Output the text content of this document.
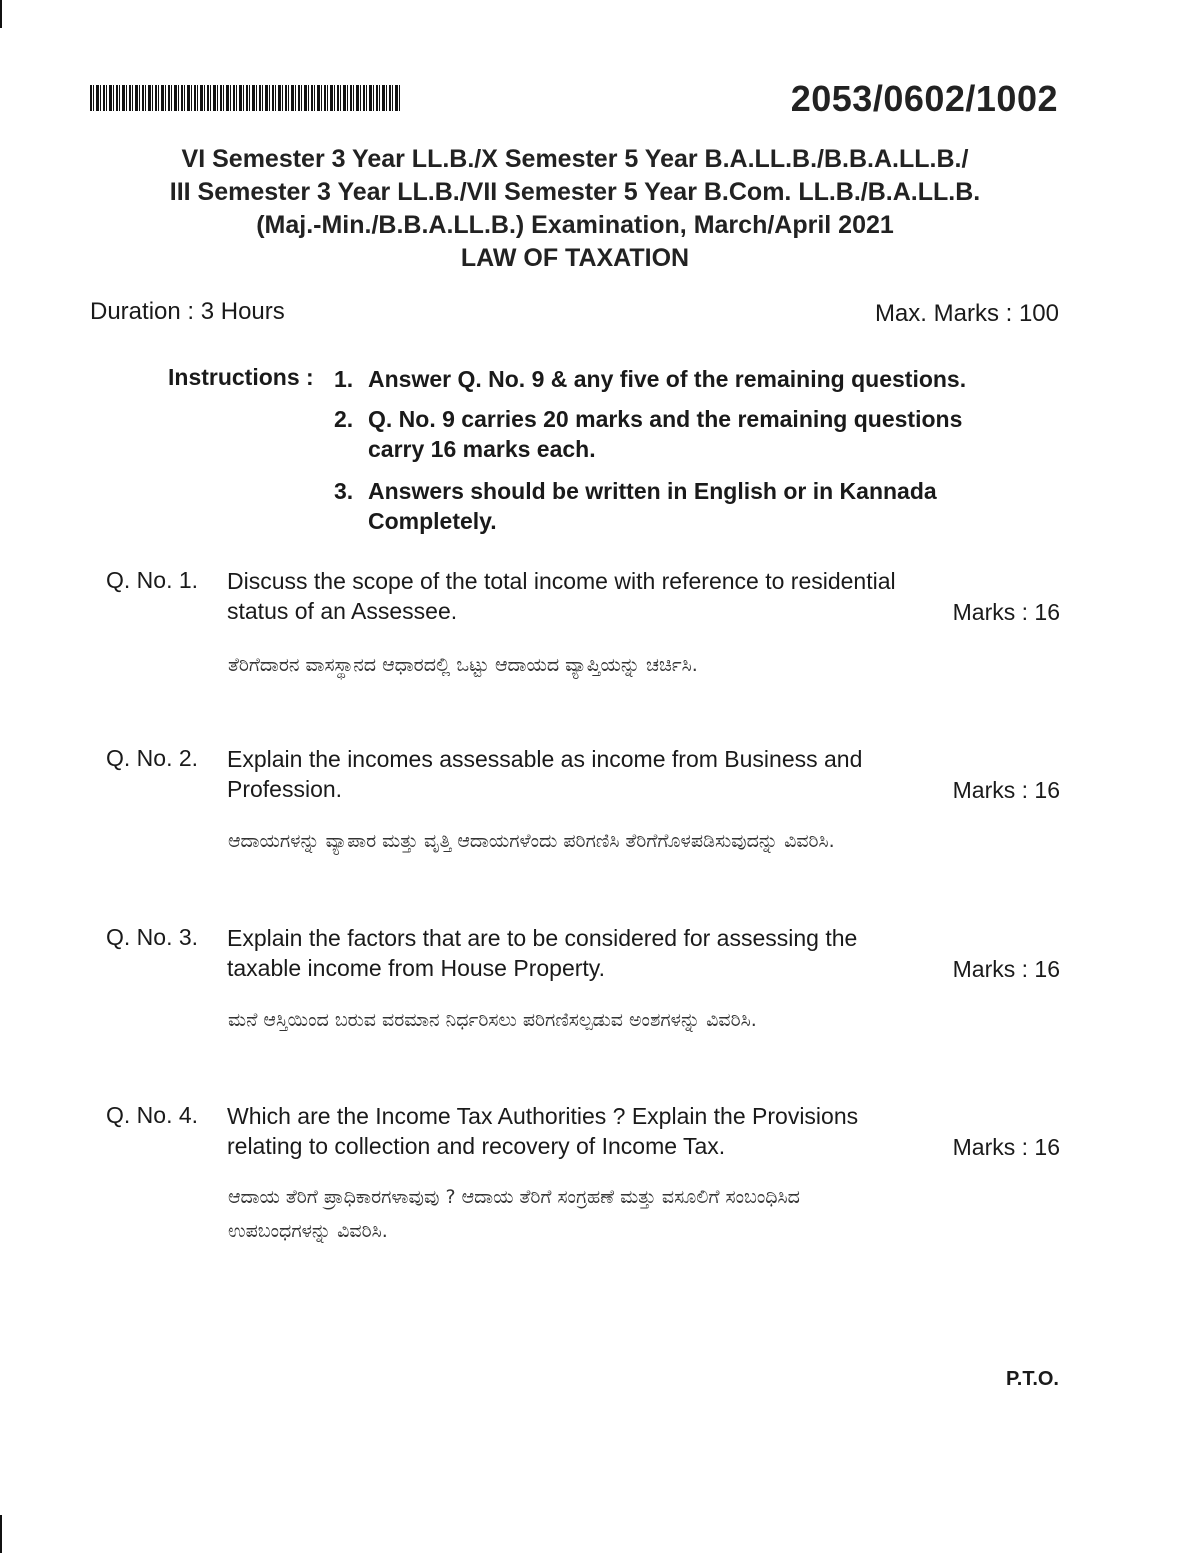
2053/0602/1002
VI Semester 3 Year LL.B./X Semester 5 Year B.A.LL.B./B.B.A.LL.B./
III Semester 3 Year LL.B./VII Semester 5 Year B.Com. LL.B./B.A.LL.B.
(Maj.-Min./B.B.A.LL.B.) Examination, March/April 2021
LAW OF TAXATION
Duration : 3 Hours	Max. Marks : 100
Instructions : 1. Answer Q. No. 9 & any five of the remaining questions.
2. Q. No. 9 carries 20 marks and the remaining questions carry 16 marks each.
3. Answers should be written in English or in Kannada Completely.
Q. No. 1. Discuss the scope of the total income with reference to residential status of an Assessee.	Marks : 16
ತೆರಿಗೆದಾರನ ವಾಸಸ್ಥಾನದ ಆಧಾರದಲ್ಲಿ ಒಟ್ಟು ಆದಾಯದ ವ್ಯಾಪ್ತಿಯನ್ನು ಚರ್ಚಿಸಿ.
Q. No. 2. Explain the incomes assessable as income from Business and Profession.	Marks : 16
ಆದಾಯಗಳನ್ನು ವ್ಯಾಪಾರ ಮತ್ತು ವೃತ್ತಿ ಆದಾಯಗಳೆಂದು ಪರಿಗಣಿಸಿ ತೆರಿಗೆಗೊಳಪಡಿಸುವುದನ್ನು ವಿವರಿಸಿ.
Q. No. 3. Explain the factors that are to be considered for assessing the taxable income from House Property.	Marks : 16
ಮನೆ ಆಸ್ತಿಯಿಂದ ಬರುವ ವರಮಾನ ನಿರ್ಧರಿಸಲು ಪರಿಗಣಿಸಲ್ಪಡುವ ಅಂಶಗಳನ್ನು ವಿವರಿಸಿ.
Q. No. 4. Which are the Income Tax Authorities ? Explain the Provisions relating to collection and recovery of Income Tax.	Marks : 16
ಆದಾಯ ತೆರಿಗೆ ಪ್ರಾಧಿಕಾರಗಳಾವುವು ? ಆದಾಯ ತೆರಿಗೆ ಸಂಗ್ರಹಣೆ ಮತ್ತು ವಸೂಲಿಗೆ ಸಂಬಂಧಿಸಿದ ಉಪಬಂಧಗಳನ್ನು ವಿವರಿಸಿ.
P.T.O.
